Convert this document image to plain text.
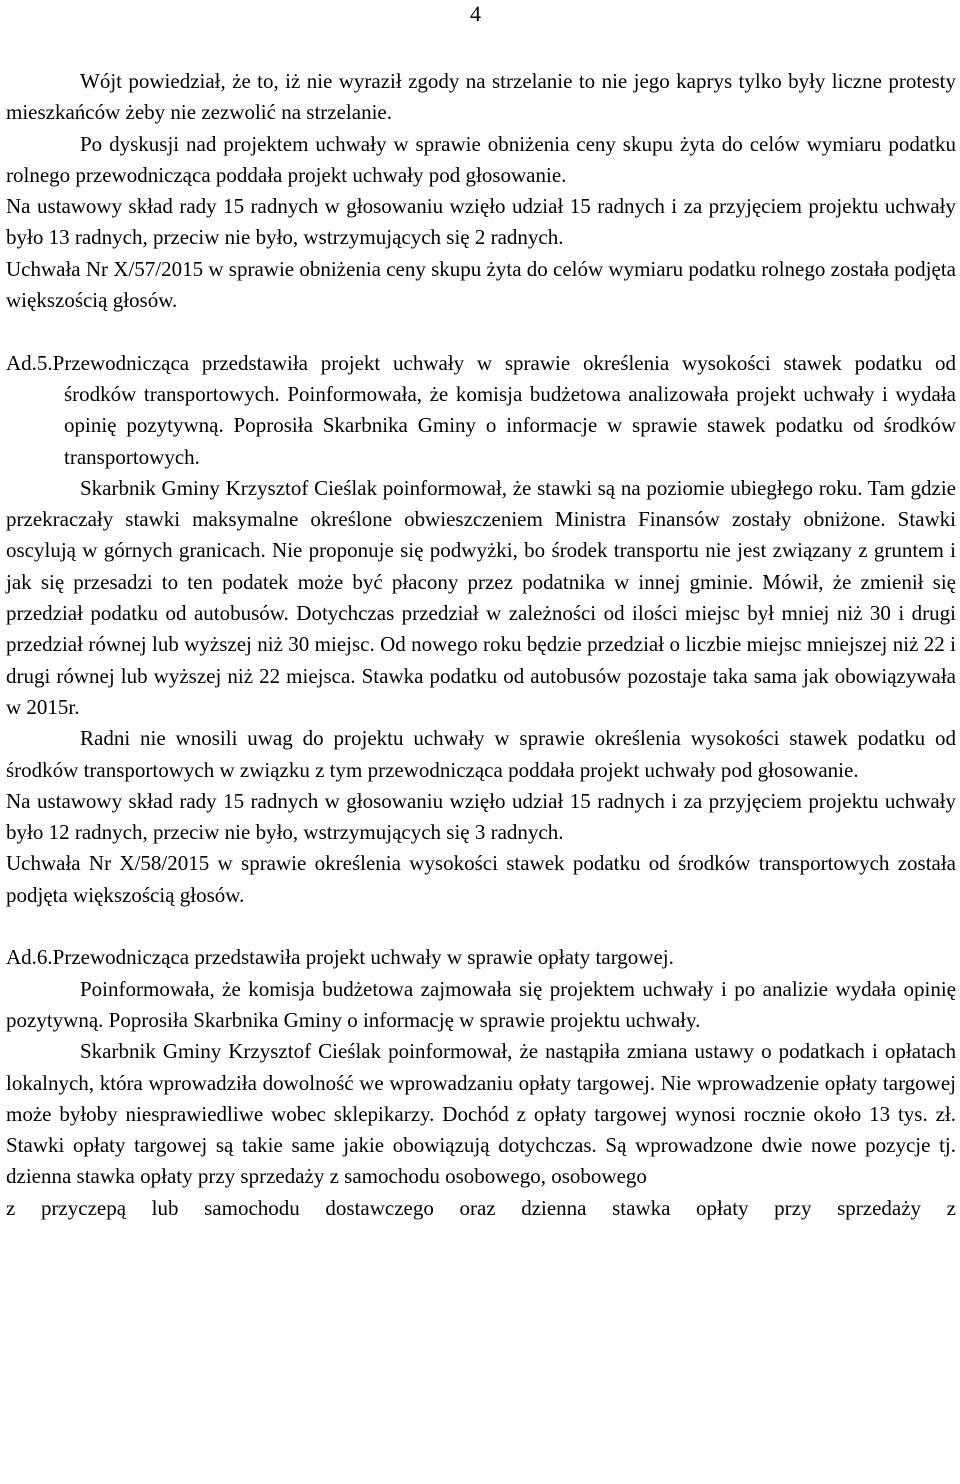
4

Wójt powiedział, że to, iż nie wyraził zgody na strzelanie to nie jego kaprys tylko były liczne protesty mieszkańców żeby nie zezwolić na strzelanie.

Po dyskusji nad projektem uchwały w sprawie obniżenia ceny skupu żyta do celów wymiaru podatku rolnego przewodnicząca poddała projekt uchwały pod głosowanie.

Na ustawowy skład rady 15 radnych w głosowaniu wzięło udział 15 radnych i za przyjęciem projektu uchwały było 13 radnych, przeciw nie było, wstrzymujących się 2 radnych.

Uchwała Nr X/57/2015 w sprawie obniżenia ceny skupu żyta do celów wymiaru podatku rolnego została podjęta większością głosów.

Ad.5.Przewodnicząca przedstawiła projekt uchwały w sprawie określenia wysokości stawek podatku od środków transportowych. Poinformowała, że komisja budżetowa analizowała projekt uchwały i wydała opinię pozytywną. Poprosiła Skarbnika Gminy o informacje w sprawie stawek podatku od środków transportowych.

Skarbnik Gminy Krzysztof Cieślak poinformował, że stawki są na poziomie ubiegłego roku. Tam gdzie przekraczały stawki maksymalne określone obwieszczeniem Ministra Finansów zostały obniżone. Stawki oscylują w górnych granicach. Nie proponuje się podwyżki, bo środek transportu nie jest związany z gruntem i jak się przesadzi to ten podatek może być płacony przez podatnika w innej gminie. Mówił, że zmienił się przedział podatku od autobusów. Dotychczas przedział w zależności od ilości miejsc był mniej niż 30 i drugi przedział równej lub wyższej niż 30 miejsc. Od nowego roku będzie przedział o liczbie miejsc mniejszej niż 22 i drugi równej lub wyższej niż 22 miejsca. Stawka podatku od autobusów pozostaje taka sama jak obowiązywała w 2015r.

Radni nie wnosili uwag do projektu uchwały w sprawie określenia wysokości stawek podatku od środków transportowych w związku z tym przewodnicząca poddała projekt uchwały pod głosowanie.

Na ustawowy skład rady 15 radnych w głosowaniu wzięło udział 15 radnych i za przyjęciem projektu uchwały było 12 radnych, przeciw nie było, wstrzymujących się 3 radnych.

Uchwała Nr X/58/2015 w sprawie określenia wysokości stawek podatku od środków transportowych została podjęta większością głosów.

Ad.6.Przewodnicząca przedstawiła projekt uchwały w sprawie opłaty targowej.

Poinformowała, że komisja budżetowa zajmowała się projektem uchwały i po analizie wydała opinię pozytywną. Poprosiła Skarbnika Gminy o informację w sprawie projektu uchwały.

Skarbnik Gminy Krzysztof Cieślak poinformował, że nastąpiła zmiana ustawy o podatkach i opłatach lokalnych, która wprowadziła dowolność we wprowadzaniu opłaty targowej. Nie wprowadzenie opłaty targowej może byłoby niesprawiedliwe wobec sklepikarzy. Dochód z opłaty targowej wynosi rocznie około 13 tys. zł. Stawki opłaty targowej są takie same jakie obowiązują dotychczas. Są wprowadzone dwie nowe pozycje tj. dzienna stawka opłaty przy sprzedaży z samochodu osobowego, osobowego

z przyczepą lub samochodu dostawczego oraz dzienna stawka opłaty przy sprzedaży z
